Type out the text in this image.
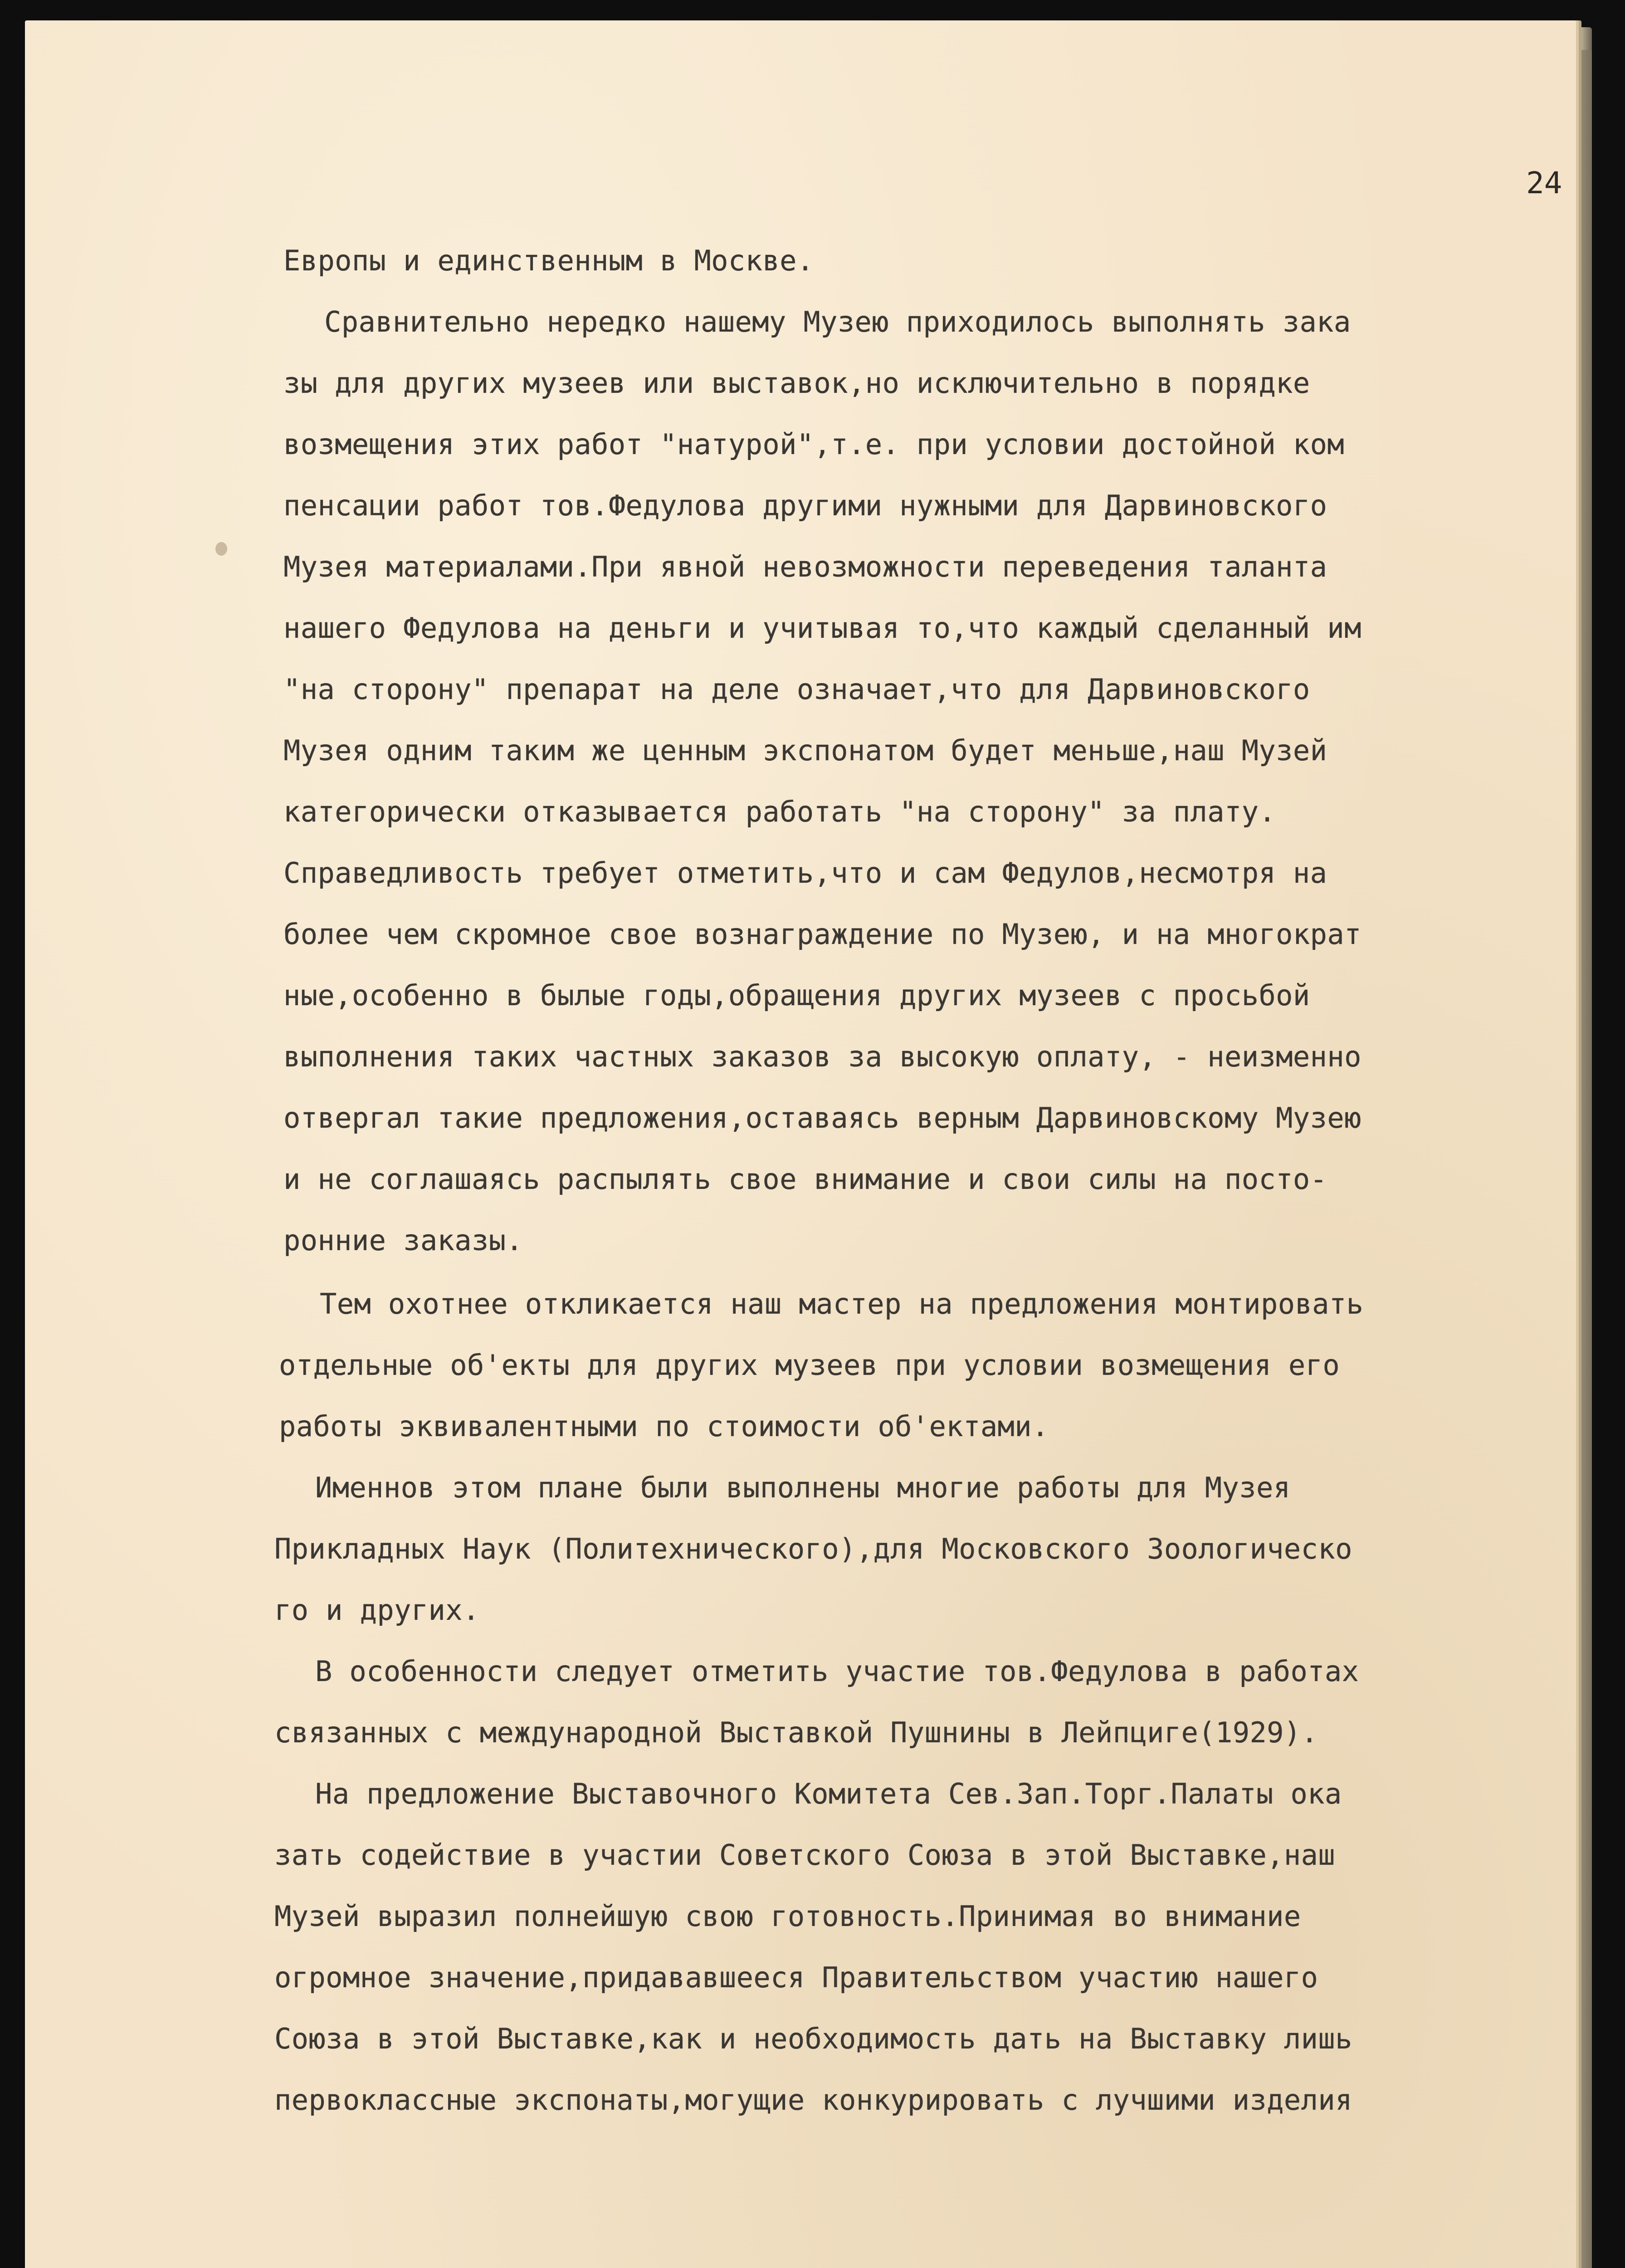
24
Европы и единственным в Москве.
Сравнительно нередко нашему Музею приходилось выполнять зака
зы для других музеев или выставок,но исключительно в порядке
возмещения этих работ "натурой",т.е. при условии достойной ком
пенсации работ тов.Федулова другими нужными для Дарвиновского
Музея материалами.При явной невозможности переведения таланта
нашего Федулова на деньги и учитывая то,что каждый сделанный им
"на сторону" препарат на деле означает,что для Дарвиновского
Музея одним таким же ценным экспонатом будет меньше,наш Музей
категорически отказывается работать "на сторону" за плату.
Справедливость требует отметить,что и сам Федулов,несмотря на
более чем скромное свое вознаграждение по Музею, и на многократ
ные,особенно в былые годы,обращения других музеев с просьбой
выполнения таких частных заказов за высокую оплату, - неизменно
отвергал такие предложения,оставаясь верным Дарвиновскому Музею
и не соглашаясь распылять свое внимание и свои силы на посто-
ронние заказы.
Тем охотнее откликается наш мастер на предложения монтировать
отдельные об'екты для других музеев при условии возмещения его
работы эквивалентными по стоимости об'ектами.
Именнов этом плане были выполнены многие работы для Музея
Прикладных Наук (Политехнического),для Московского Зоологическо
го и других.
В особенности следует отметить участие тов.Федулова в работах
связанных с международной Выставкой Пушнины в Лейпциге(1929).
На предложение Выставочного Комитета Сев.Зап.Торг.Палаты ока
зать содействие в участии Советского Союза в этой Выставке,наш
Музей выразил полнейшую свою готовность.Принимая во внимание
огромное значение,придававшееся Правительством участию нашего
Союза в этой Выставке,как и необходимость дать на Выставку лишь
первоклассные экспонаты,могущие конкурировать с лучшими изделия
